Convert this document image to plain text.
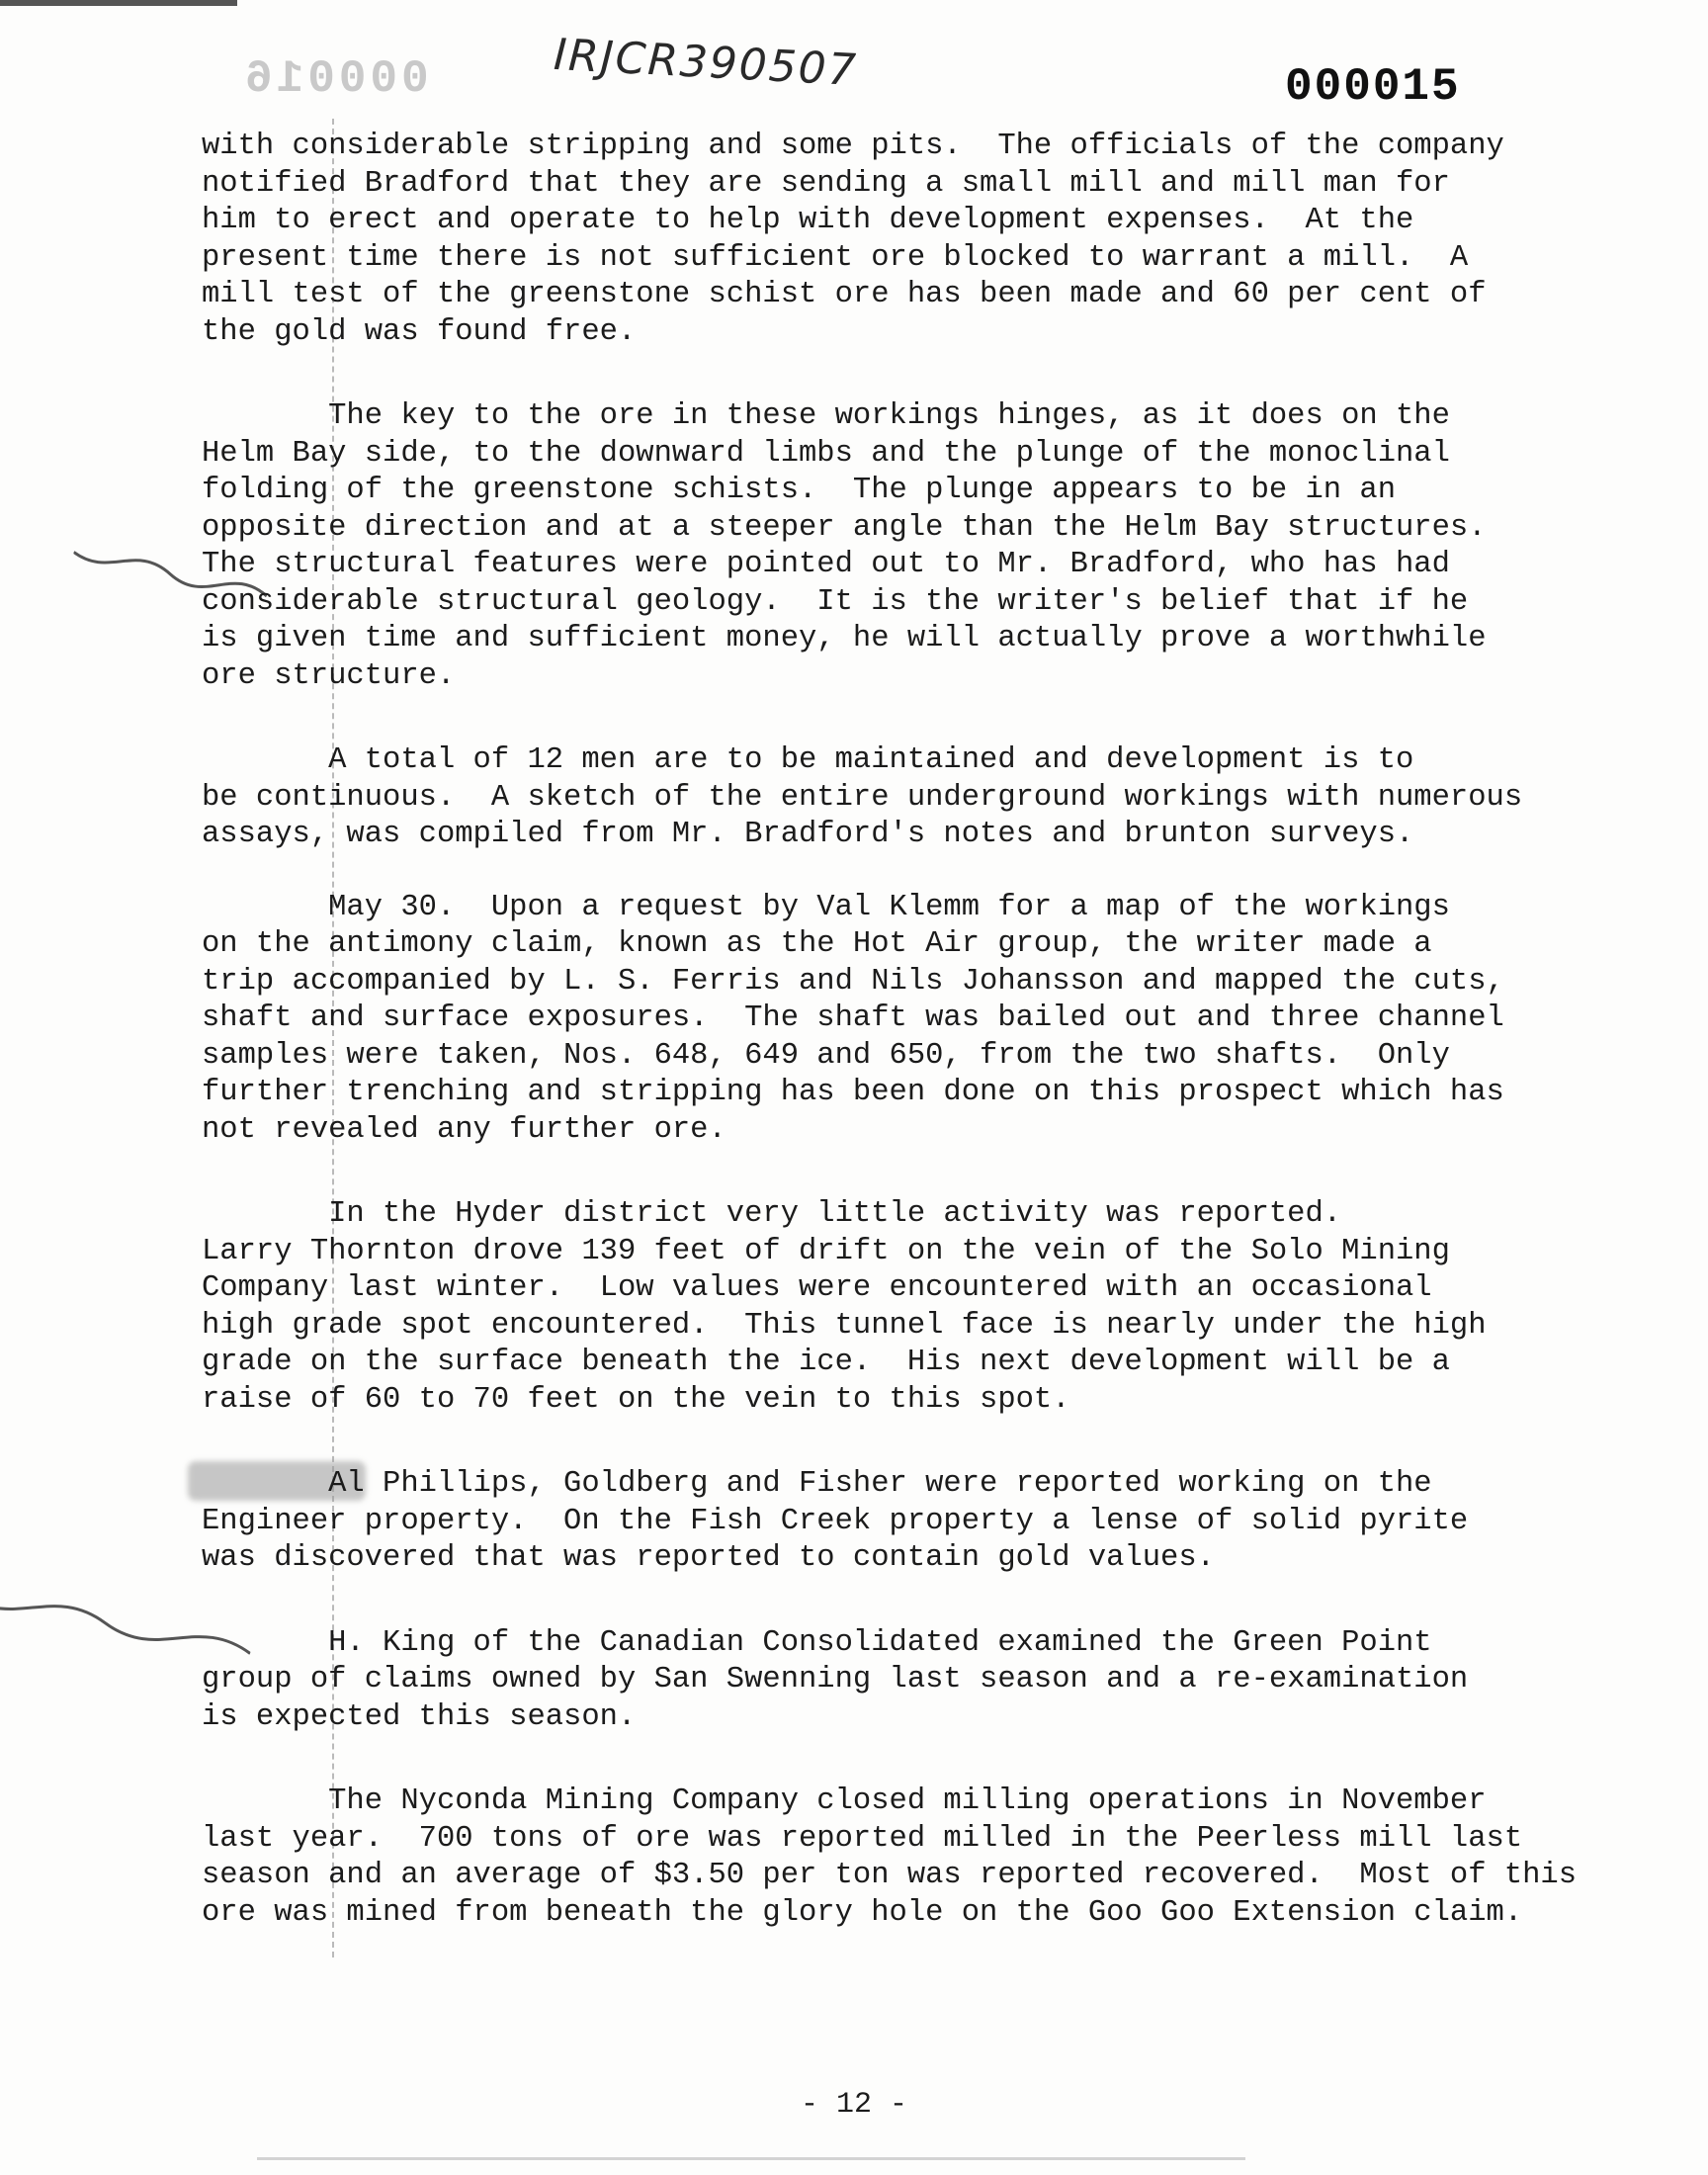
000016	IRJCR390507	000015
with considerable stripping and some pits.  The officials of the company
notified Bradford that they are sending a small mill and mill man for
him to erect and operate to help with development expenses.  At the
present time there is not sufficient ore blocked to warrant a mill.  A
mill test of the greenstone schist ore has been made and 60 per cent of
the gold was found free.
The key to the ore in these workings hinges, as it does on the
Helm Bay side, to the downward limbs and the plunge of the monoclinal
folding of the greenstone schists.  The plunge appears to be in an
opposite direction and at a steeper angle than the Helm Bay structures.
The structural features were pointed out to Mr. Bradford, who has had
considerable structural geology.  It is the writer's belief that if he
is given time and sufficient money, he will actually prove a worthwhile
ore structure.
A total of 12 men are to be maintained and development is to
be continuous.  A sketch of the entire underground workings with numerous
assays, was compiled from Mr. Bradford's notes and brunton surveys.
May 30.  Upon a request by Val Klemm for a map of the workings
on the antimony claim, known as the Hot Air group, the writer made a
trip accompanied by L. S. Ferris and Nils Johansson and mapped the cuts,
shaft and surface exposures.  The shaft was bailed out and three channel
samples were taken, Nos. 648, 649 and 650, from the two shafts.  Only
further trenching and stripping has been done on this prospect which has
not revealed any further ore.
In the Hyder district very little activity was reported.
Larry Thornton drove 139 feet of drift on the vein of the Solo Mining
Company last winter.  Low values were encountered with an occasional
high grade spot encountered.  This tunnel face is nearly under the high
grade on the surface beneath the ice.  His next development will be a
raise of 60 to 70 feet on the vein to this spot.
Al Phillips, Goldberg and Fisher were reported working on the
Engineer property.  On the Fish Creek property a lense of solid pyrite
was discovered that was reported to contain gold values.
H. King of the Canadian Consolidated examined the Green Point
group of claims owned by San Swenning last season and a re-examination
is expected this season.
The Nyconda Mining Company closed milling operations in November
last year.  700 tons of ore was reported milled in the Peerless mill last
season and an average of $3.50 per ton was reported recovered.  Most of this
ore was mined from beneath the glory hole on the Goo Goo Extension claim.
- 12 -
